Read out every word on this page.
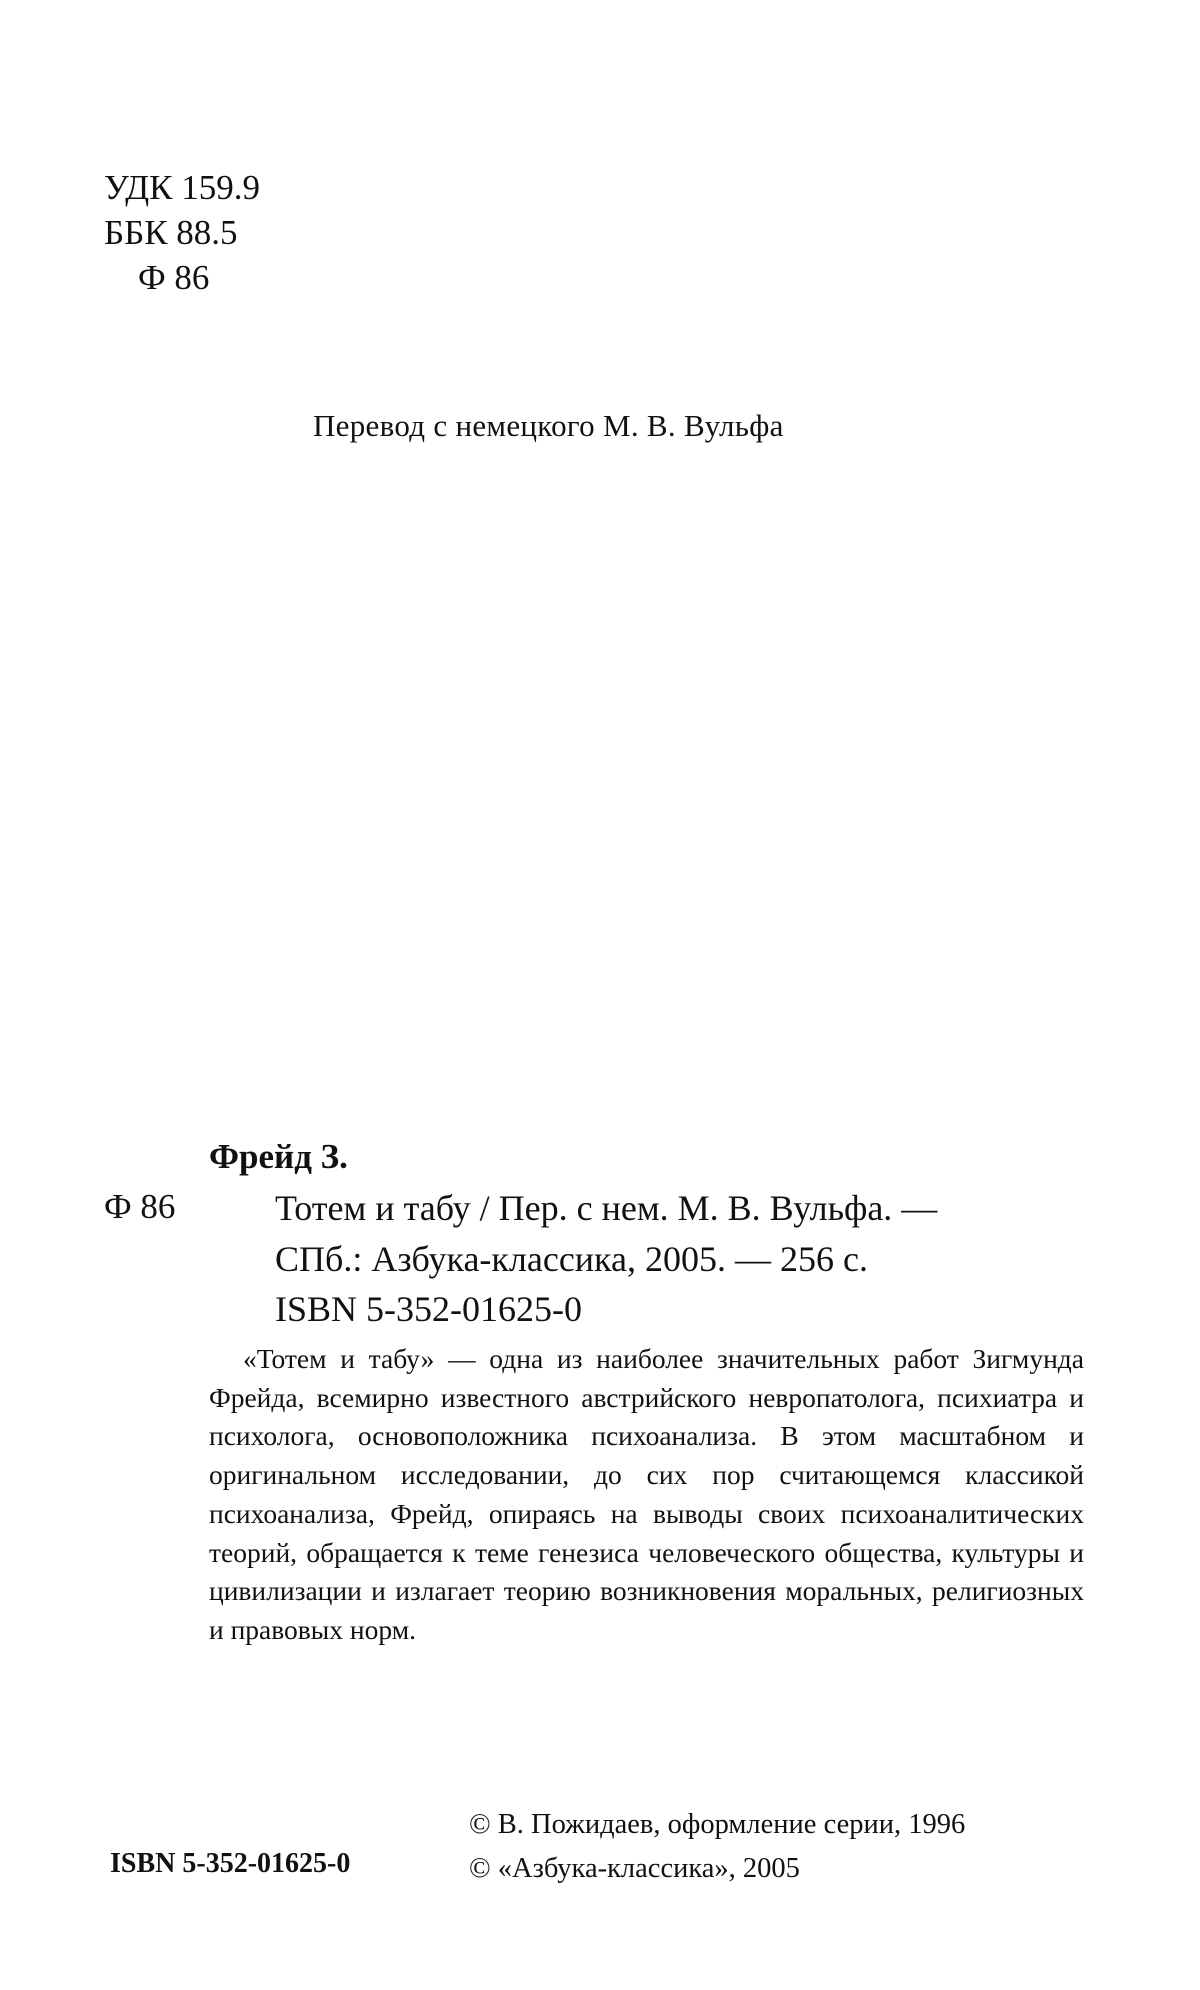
УДК 159.9
ББК 88.5
Ф 86
Перевод с немецкого М. В. Вульфа
Фрейд З.
Ф 86	Тотем и табу / Пер. с нем. М. В. Вульфа. —
СПб.: Азбука-классика, 2005. — 256 с.
ISBN 5-352-01625-0
«Тотем и табу» — одна из наиболее значительных работ Зигмунда Фрейда, всемирно известного австрийского невропатолога, психиатра и психолога, основоположника психоанализа. В этом масштабном и оригинальном исследовании, до сих пор считающемся классикой психоанализа, Фрейд, опираясь на выводы своих психоаналитических теорий, обращается к теме генезиса человеческого общества, культуры и цивилизации и излагает теорию возникновения моральных, религиозных и правовых норм.
ISBN 5-352-01625-0
© В. Пожидаев, оформление серии, 1996
© «Азбука-классика», 2005
